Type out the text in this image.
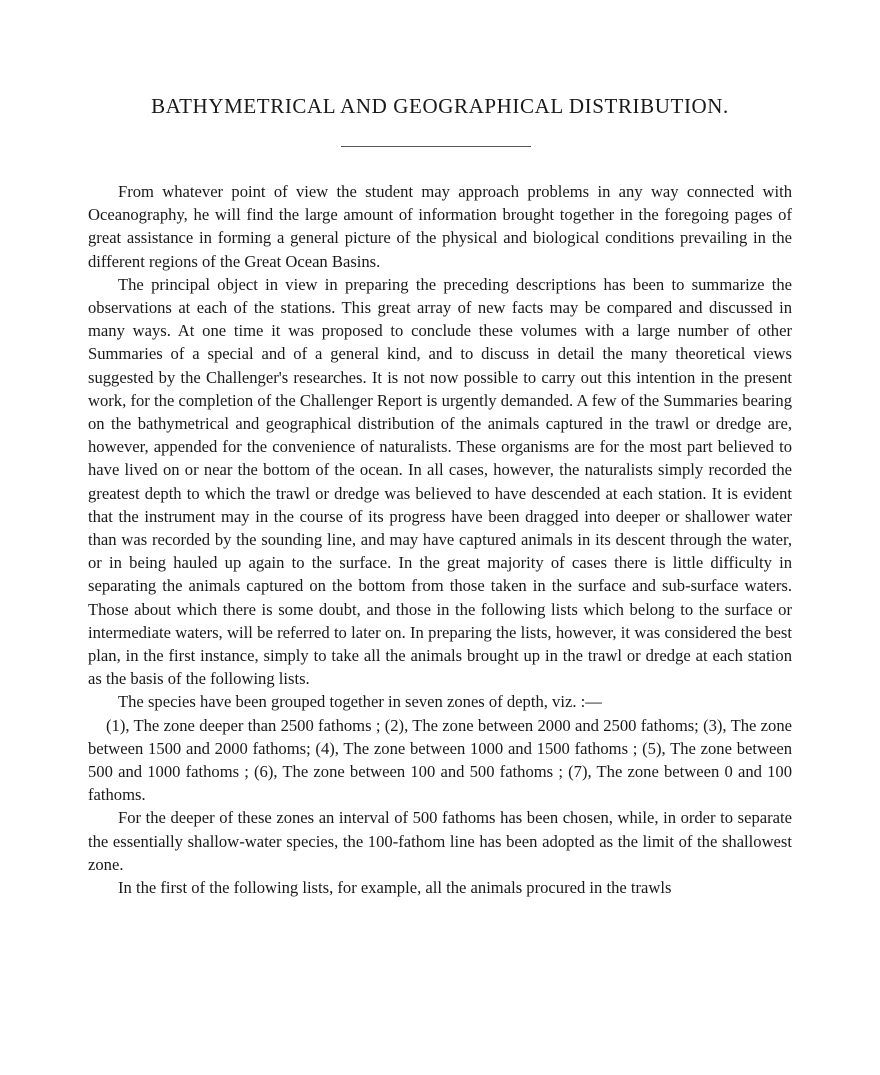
BATHYMETRICAL AND GEOGRAPHICAL DISTRIBUTION.

From whatever point of view the student may approach problems in any way connected with Oceanography, he will find the large amount of information brought together in the foregoing pages of great assistance in forming a general picture of the physical and biological conditions prevailing in the different regions of the Great Ocean Basins.

The principal object in view in preparing the preceding descriptions has been to summarize the observations at each of the stations. This great array of new facts may be compared and discussed in many ways. At one time it was proposed to conclude these volumes with a large number of other Summaries of a special and of a general kind, and to discuss in detail the many theoretical views suggested by the Challenger's researches. It is not now possible to carry out this intention in the present work, for the completion of the Challenger Report is urgently demanded. A few of the Summaries bearing on the bathymetrical and geographical distribution of the animals captured in the trawl or dredge are, however, appended for the convenience of naturalists. These organisms are for the most part believed to have lived on or near the bottom of the ocean. In all cases, however, the naturalists simply recorded the greatest depth to which the trawl or dredge was believed to have descended at each station. It is evident that the instrument may in the course of its progress have been dragged into deeper or shallower water than was recorded by the sounding line, and may have captured animals in its descent through the water, or in being hauled up again to the surface. In the great majority of cases there is little difficulty in separating the animals captured on the bottom from those taken in the surface and sub-surface waters. Those about which there is some doubt, and those in the following lists which belong to the surface or intermediate waters, will be referred to later on. In preparing the lists, however, it was considered the best plan, in the first instance, simply to take all the animals brought up in the trawl or dredge at each station as the basis of the following lists.

The species have been grouped together in seven zones of depth, viz. :—

(1), The zone deeper than 2500 fathoms ; (2), The zone between 2000 and 2500 fathoms; (3), The zone between 1500 and 2000 fathoms; (4), The zone between 1000 and 1500 fathoms ; (5), The zone between 500 and 1000 fathoms ; (6), The zone between 100 and 500 fathoms ; (7), The zone between 0 and 100 fathoms.

For the deeper of these zones an interval of 500 fathoms has been chosen, while, in order to separate the essentially shallow-water species, the 100-fathom line has been adopted as the limit of the shallowest zone.

In the first of the following lists, for example, all the animals procured in the trawls
